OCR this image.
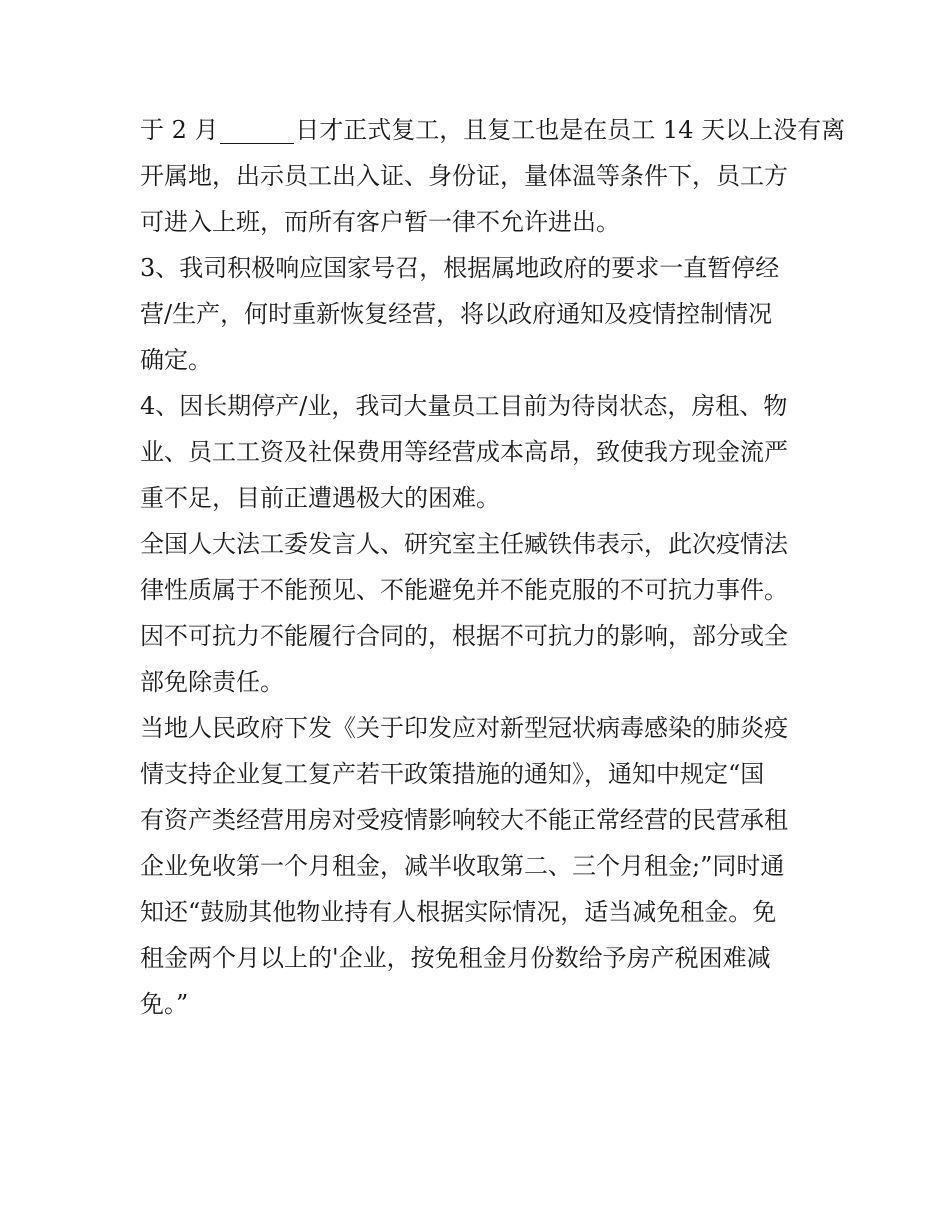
于 2 月	日才正式复工，且复工也是在员工 14 天以上没有离
开属地，出示员工出入证、身份证，量体温等条件下，员工方
可进入上班，而所有客户暂一律不允许进出。
3、我司积极响应国家号召，根据属地政府的要求一直暂停经
营/生产，何时重新恢复经营，将以政府通知及疫情控制情况
确定。
4、因长期停产/业，我司大量员工目前为待岗状态，房租、物
业、员工工资及社保费用等经营成本高昂，致使我方现金流严
重不足，目前正遭遇极大的困难。
全国人大法工委发言人、研究室主任臧铁伟表示，此次疫情法
律性质属于不能预见、不能避免并不能克服的不可抗力事件。
因不可抗力不能履行合同的，根据不可抗力的影响，部分或全
部免除责任。
当地人民政府下发《关于印发应对新型冠状病毒感染的肺炎疫
情支持企业复工复产若干政策措施的通知》，通知中规定“国
有资产类经营用房对受疫情影响较大不能正常经营的民营承租
企业免收第一个月租金，减半收取第二、三个月租金;”同时通
知还“鼓励其他物业持有人根据实际情况，适当减免租金。免
租金两个月以上的'企业，按免租金月份数给予房产税困难减
免。”
